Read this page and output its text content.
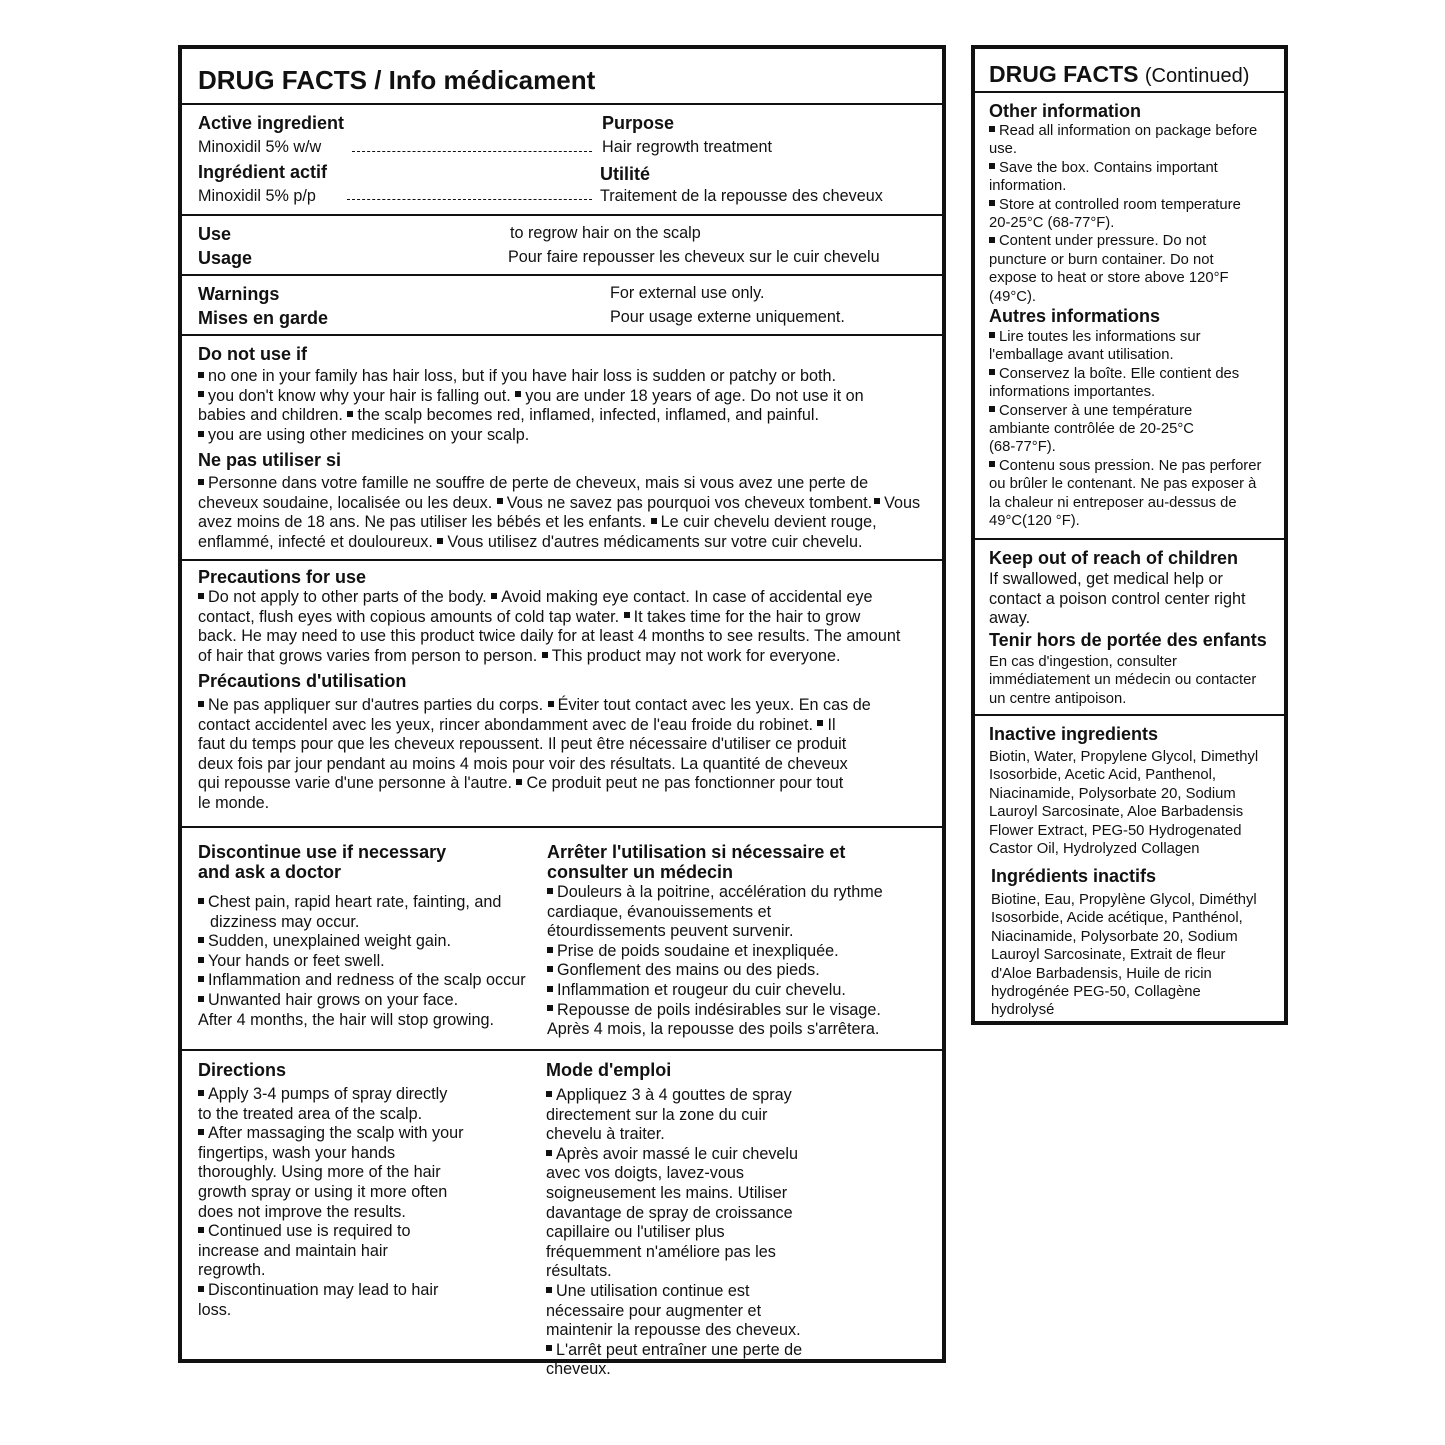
DRUG FACTS / Info médicament
Active ingredient
Minoxidil 5% w/w
Purpose
Hair regrowth treatment
Ingrédient actif
Minoxidil 5% p/p
Utilité
Traitement de la repousse des cheveux
Use
Usage
to regrow hair on the scalp
Pour faire repousser les cheveux sur le cuir chevelu
Warnings
Mises en garde
For external use only.
Pour usage externe uniquement.
Do not use if
no one in your family has hair loss, but if you have hair loss is sudden or patchy or both.
you don't know why your hair is falling out. you are under 18 years of age. Do not use it on
babies and children. the scalp becomes red, inflamed, infected, inflamed, and painful.
you are using other medicines on your scalp.
Ne pas utiliser si
Personne dans votre famille ne souffre de perte de cheveux, mais si vous avez une perte de
cheveux soudaine, localisée ou les deux. Vous ne savez pas pourquoi vos cheveux tombent. Vous
avez moins de 18 ans. Ne pas utiliser les bébés et les enfants. Le cuir chevelu devient rouge,
enflammé, infecté et douloureux. Vous utilisez d'autres médicaments sur votre cuir chevelu.
Precautions for use
Do not apply to other parts of the body. Avoid making eye contact. In case of accidental eye
contact, flush eyes with copious amounts of cold tap water. It takes time for the hair to grow
back. He may need to use this product twice daily for at least 4 months to see results. The amount
of hair that grows varies from person to person. This product may not work for everyone.
Précautions d'utilisation
Ne pas appliquer sur d'autres parties du corps. Éviter tout contact avec les yeux. En cas de
contact accidentel avec les yeux, rincer abondamment avec de l'eau froide du robinet. Il
faut du temps pour que les cheveux repoussent. Il peut être nécessaire d'utiliser ce produit
deux fois par jour pendant au moins 4 mois pour voir des résultats. La quantité de cheveux
qui repousse varie d'une personne à l'autre. Ce produit peut ne pas fonctionner pour tout
le monde.
Discontinue use if necessary
and ask a doctor
Chest pain, rapid heart rate, fainting, and
dizziness may occur.
Sudden, unexplained weight gain.
Your hands or feet swell.
Inflammation and redness of the scalp occur
Unwanted hair grows on your face.
After 4 months, the hair will stop growing.
Arrêter l'utilisation si nécessaire et
consulter un médecin
Douleurs à la poitrine, accélération du rythme
cardiaque, évanouissements et
étourdissements peuvent survenir.
Prise de poids soudaine et inexpliquée.
Gonflement des mains ou des pieds.
Inflammation et rougeur du cuir chevelu.
Repousse de poils indésirables sur le visage.
Après 4 mois, la repousse des poils s'arrêtera.
Directions
Apply 3-4 pumps of spray directly
to the treated area of the scalp.
After massaging the scalp with your
fingertips, wash your hands
thoroughly. Using more of the hair
growth spray or using it more often
does not improve the results.
Continued use is required to
increase and maintain hair
regrowth.
Discontinuation may lead to hair
loss.
Mode d'emploi
Appliquez 3 à 4 gouttes de spray
directement sur la zone du cuir
chevelu à traiter.
Après avoir massé le cuir chevelu
avec vos doigts, lavez-vous
soigneusement les mains. Utiliser
davantage de spray de croissance
capillaire ou l'utiliser plus
fréquemment n'améliore pas les
résultats.
Une utilisation continue est
nécessaire pour augmenter et
maintenir la repousse des cheveux.
L'arrêt peut entraîner une perte de
cheveux.
DRUG FACTS (Continued)
Other information
Read all information on package before
use.
Save the box. Contains important
information.
Store at controlled room temperature
20-25°C (68-77°F).
Content under pressure. Do not
puncture or burn container. Do not
expose to heat or store above 120°F
(49°C).
Autres informations
Lire toutes les informations sur
l'emballage avant utilisation.
Conservez la boîte. Elle contient des
informations importantes.
Conserver à une température
ambiante contrôlée de 20-25°C
(68-77°F).
Contenu sous pression. Ne pas perforer
ou brûler le contenant. Ne pas exposer à
la chaleur ni entreposer au-dessus de
49°C(120 °F).
Keep out of reach of children
If swallowed, get medical help or
contact a poison control center right
away.
Tenir hors de portée des enfants
En cas d'ingestion, consulter
immédiatement un médecin ou contacter
un centre antipoison.
Inactive ingredients
Biotin, Water, Propylene Glycol, Dimethyl
Isosorbide, Acetic Acid, Panthenol,
Niacinamide, Polysorbate 20, Sodium
Lauroyl Sarcosinate, Aloe Barbadensis
Flower Extract, PEG-50 Hydrogenated
Castor Oil, Hydrolyzed Collagen
Ingrédients inactifs
Biotine, Eau, Propylène Glycol, Diméthyl
Isosorbide, Acide acétique, Panthénol,
Niacinamide, Polysorbate 20, Sodium
Lauroyl Sarcosinate, Extrait de fleur
d'Aloe Barbadensis, Huile de ricin
hydrogénée PEG-50, Collagène
hydrolysé
